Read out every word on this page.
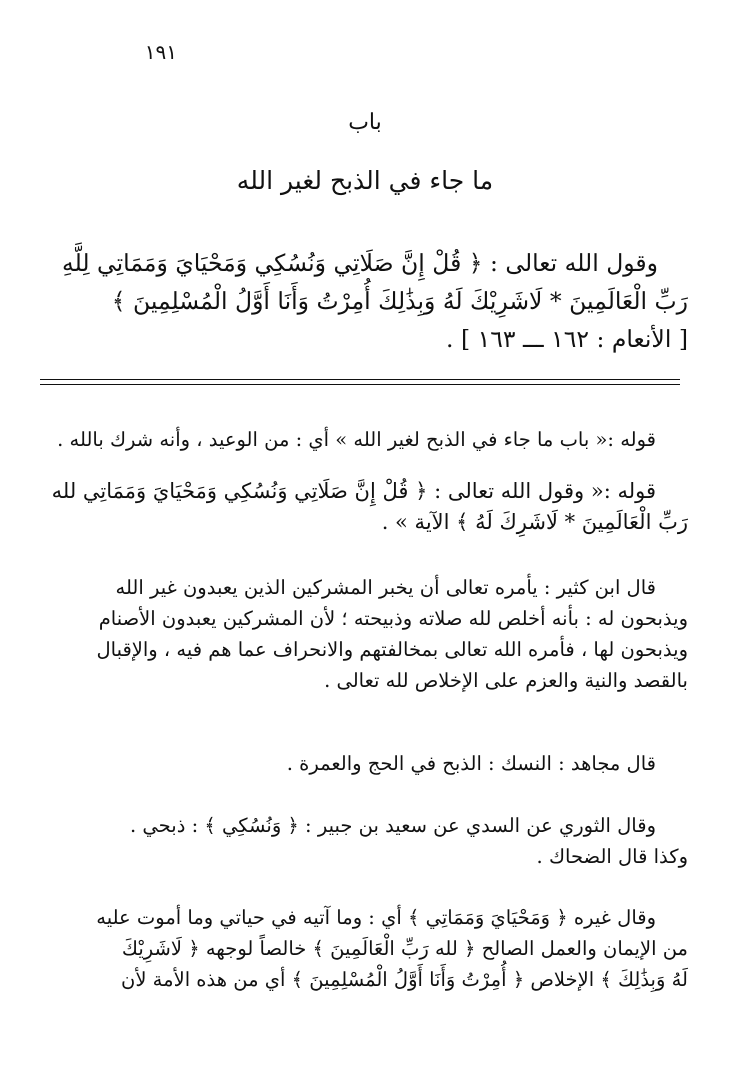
١٩١
باب
ما جاء في الذبح لغير الله

وقول الله تعالى : ﴿ قُلْ إِنَّ صَلَاتِي وَنُسُكِي وَمَحْيَايَ وَمَمَاتِي لِلَّهِ

رَبِّ الْعَالَمِينَ * لَاشَرِيْكَ لَهُ وَبِذَٰلِكَ أُمِرْتُ وَأَنَا أَوَّلُ الْمُسْلِمِينَ ﴾

[ الأنعام : ١٦٢ ـــ ١٦٣ ] .

قوله :« باب ما جاء في الذبح لغير الله » أي : من الوعيد ، وأنه شرك بالله .

قوله :« وقول الله تعالى : ﴿ قُلْ إِنَّ صَلَاتِي وَنُسُكِي وَمَحْيَايَ وَمَمَاتِي لله

رَبِّ الْعَالَمِينَ * لَاشَرِكَ لَهُ ﴾ الآية » .

قال ابن كثير : يأمره تعالى أن يخبر المشركين الذين يعبدون غير الله

ويذبحون له : بأنه أخلص لله صلاته وذبيحته ؛ لأن المشركين يعبدون الأصنام

ويذبحون لها ، فأمره الله تعالى بمخالفتهم والانحراف عما هم فيه ، والإقبال

بالقصد والنية والعزم على الإخلاص لله تعالى .

قال مجاهد : النسك : الذبح في الحج والعمرة .

وقال الثوري عن السدي عن سعيد بن جبير : ﴿ وَنُسُكِي ﴾ : ذبحي .

وكذا قال الضحاك .

وقال غيره ﴿ وَمَحْيَايَ وَمَمَاتِي ﴾ أي : وما آتيه في حياتي وما أموت عليه

من الإيمان والعمل الصالح ﴿ لله رَبِّ الْعَالَمِينَ ﴾ خالصاً لوجهه ﴿ لَاشَرِيْكَ

لَهُ وَبِذَٰلِكَ ﴾ الإخلاص ﴿ أُمِرْتُ وَأَنَا أَوَّلُ الْمُسْلِمِينَ ﴾ أي من هذه الأمة لأن
